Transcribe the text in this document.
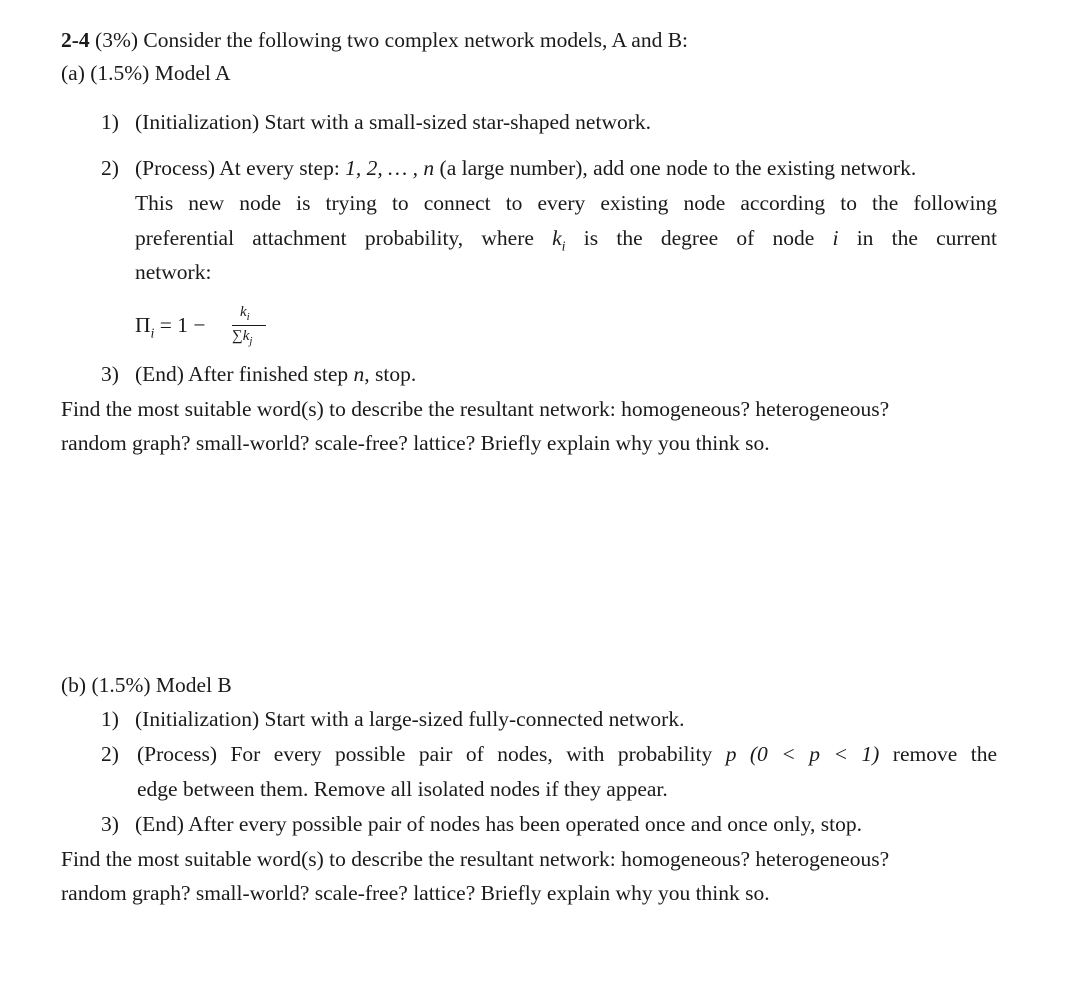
2-4 (3%) Consider the following two complex network models, A and B:
(a) (1.5%) Model A
1) (Initialization) Start with a small-sized star-shaped network.
2) (Process) At every step: 1, 2, … , n (a large number), add one node to the existing network.
This new node is trying to connect to every existing node according to the following
preferential attachment probability, where $k_i$ is the degree of node i in the current
network:
$\Pi_i = 1$ −
$k_i$
$\sum k_j$
3) (End) After finished step n, stop.
Find the most suitable word(s) to describe the resultant network: homogeneous? heterogeneous?
random graph? small-world? scale-free? lattice? Briefly explain why you think so.
(b) (1.5%) Model B
1) (Initialization) Start with a large-sized fully-connected network.
2) (Process) For every possible pair of nodes, with probability p (0 < p < 1) remove the
edge between them. Remove all isolated nodes if they appear.
3) (End) After every possible pair of nodes has been operated once and once only, stop.
Find the most suitable word(s) to describe the resultant network: homogeneous? heterogeneous?
random graph? small-world? scale-free? lattice? Briefly explain why you think so.
